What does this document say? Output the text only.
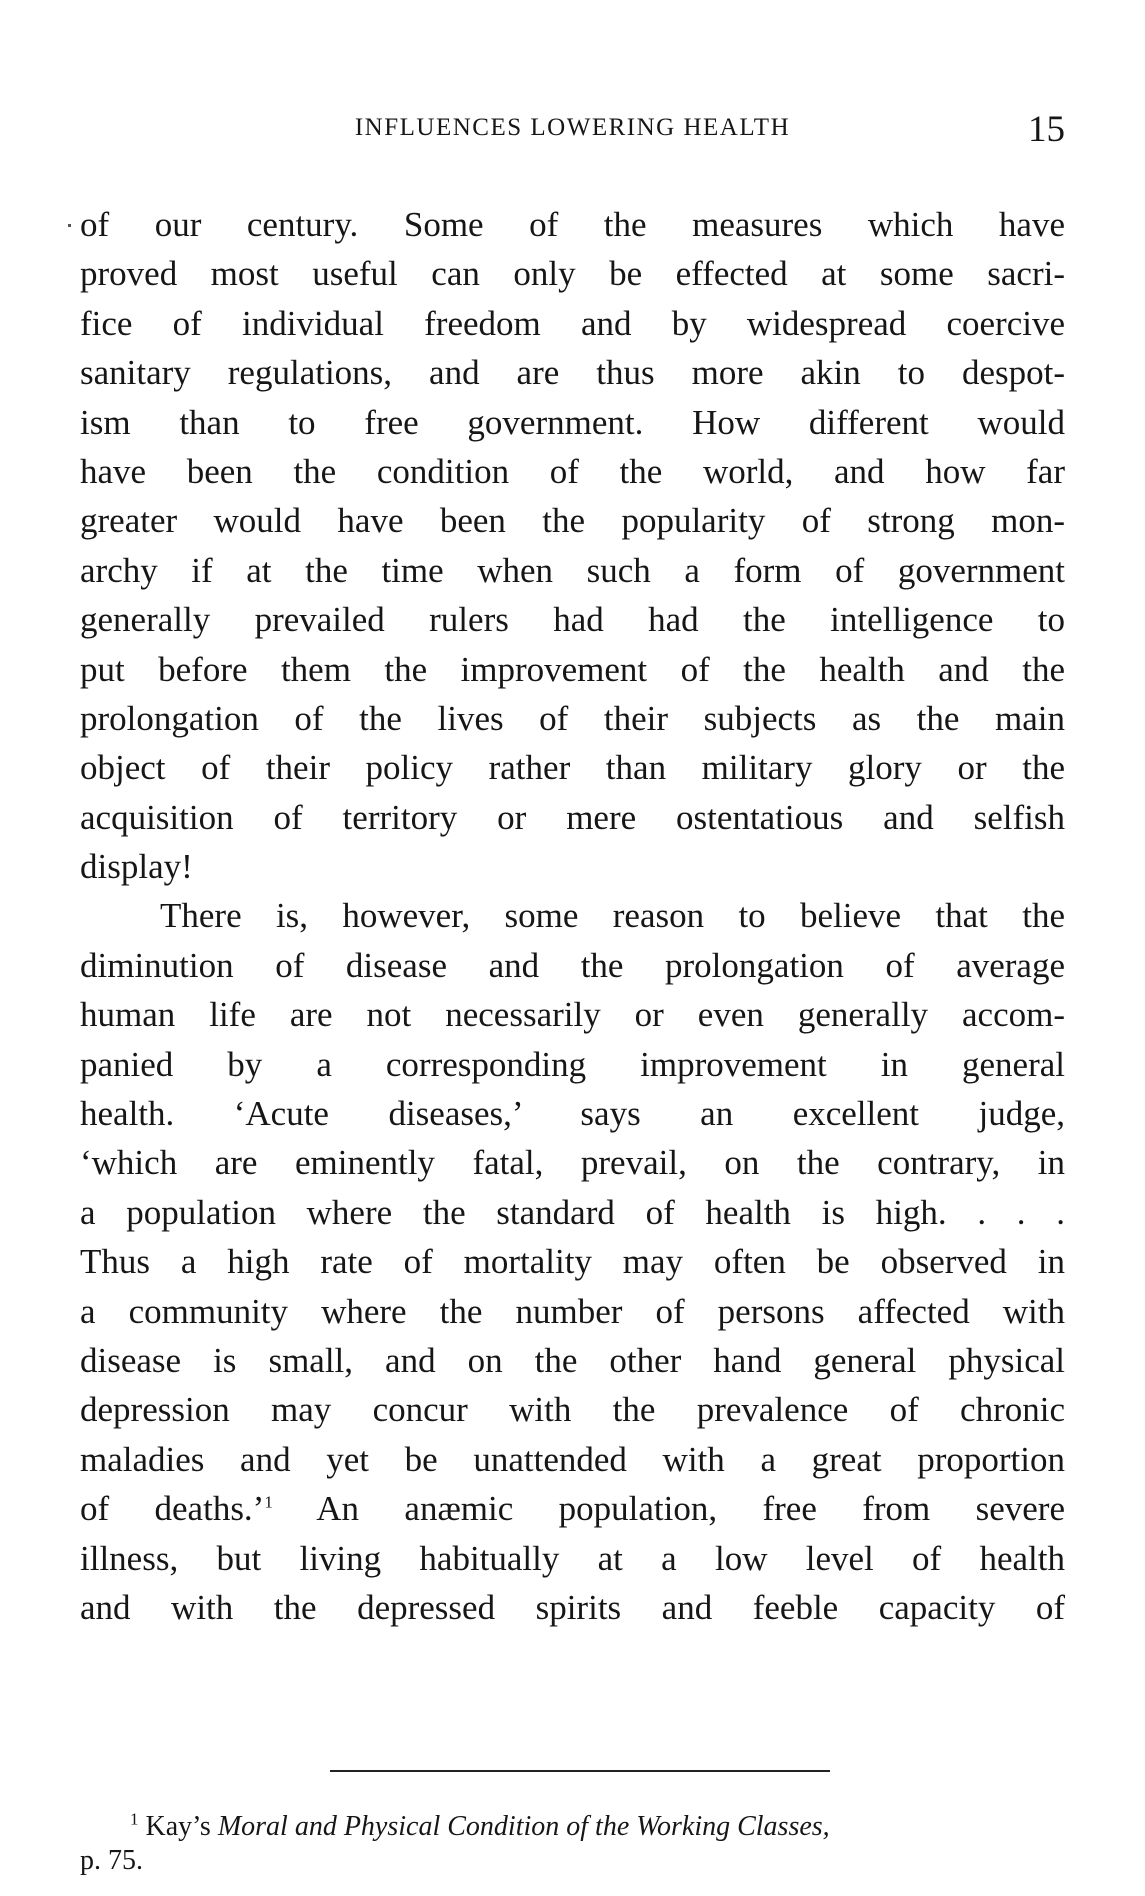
INFLUENCES LOWERING HEALTH	15
of our century. Some of the measures which have
proved most useful can only be effected at some sacri-
fice of individual freedom and by widespread coercive
sanitary regulations, and are thus more akin to despot-
ism than to free government. How different would
have been the condition of the world, and how far
greater would have been the popularity of strong mon-
archy if at the time when such a form of government
generally prevailed rulers had had the intelligence to
put before them the improvement of the health and the
prolongation of the lives of their subjects as the main
object of their policy rather than military glory or the
acquisition of territory or mere ostentatious and selfish
display!
There is, however, some reason to believe that the
diminution of disease and the prolongation of average
human life are not necessarily or even generally accom-
panied by a corresponding improvement in general
health. ‘Acute diseases,’ says an excellent judge,
‘which are eminently fatal, prevail, on the contrary, in
a population where the standard of health is high. . . .
Thus a high rate of mortality may often be observed in
a community where the number of persons affected with
disease is small, and on the other hand general physical
depression may concur with the prevalence of chronic
maladies and yet be unattended with a great proportion
of deaths.’$^1$ An anæmic population, free from severe
illness, but living habitually at a low level of health
and with the depressed spirits and feeble capacity of
$^1$ Kay’s Moral and Physical Condition of the Working Classes,
p. 75.
